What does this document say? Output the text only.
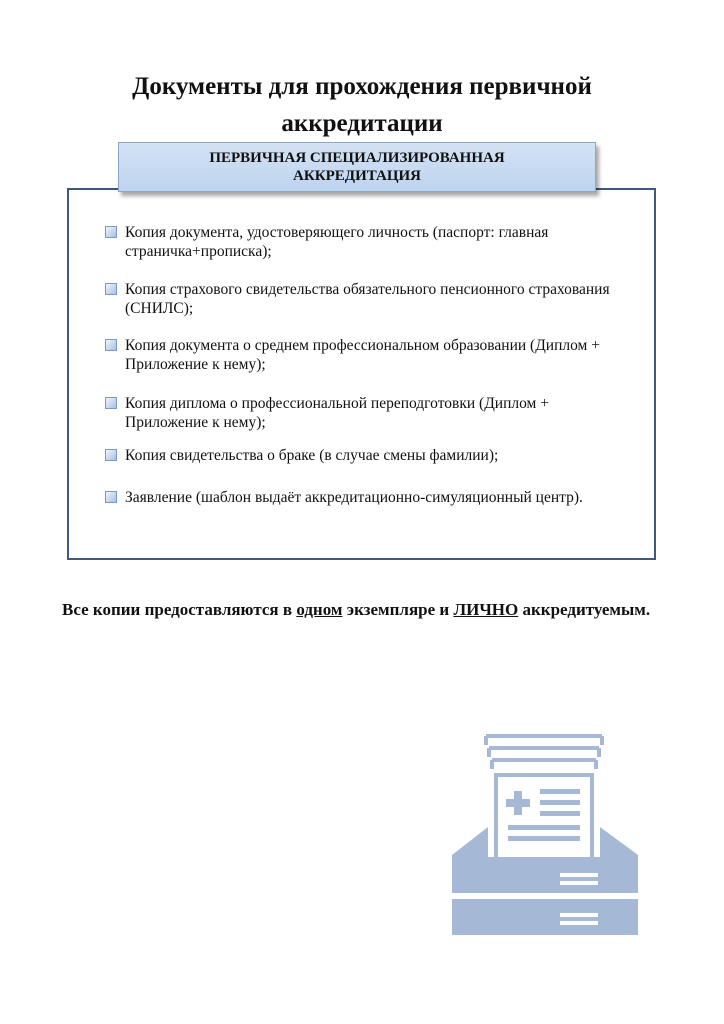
Документы для прохождения первичной аккредитации
ПЕРВИЧНАЯ СПЕЦИАЛИЗИРОВАННАЯ АККРЕДИТАЦИЯ
Копия документа, удостоверяющего личность (паспорт: главная страничка+прописка);
Копия страхового свидетельства обязательного пенсионного страхования (СНИЛС);
Копия документа о среднем профессиональном образовании (Диплом + Приложение к нему);
Копия диплома о профессиональной переподготовки (Диплом + Приложение к нему);
Копия свидетельства о браке (в случае смены фамилии);
Заявление (шаблон выдаёт аккредитационно-симуляционный центр).
Все копии предоставляются в одном экземпляре и ЛИЧНО аккредитуемым.
